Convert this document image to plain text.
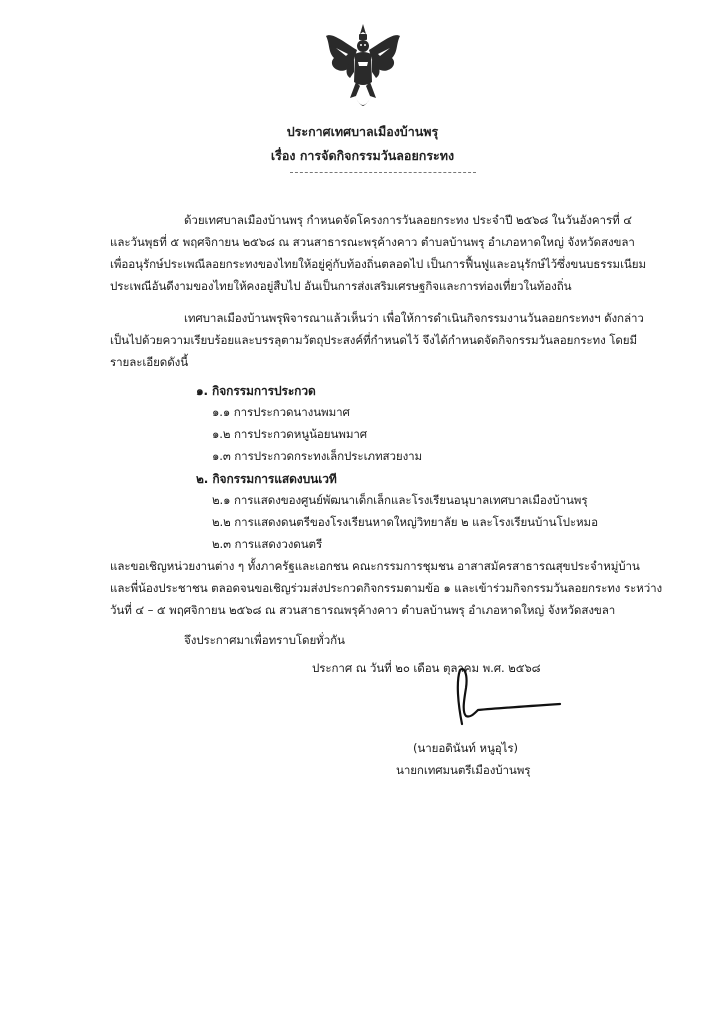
ประกาศเทศบาลเมืองบ้านพรุ
เรื่อง การจัดกิจกรรมวันลอยกระทง
ด้วยเทศบาลเมืองบ้านพรุ กำหนดจัดโครงการวันลอยกระทง ประจำปี ๒๕๖๘ ในวันอังคารที่ ๔
และวันพุธที่ ๕ พฤศจิกายน ๒๕๖๘ ณ สวนสาธารณะพรุค้างคาว ตำบลบ้านพรุ อำเภอหาดใหญ่ จังหวัดสงขลา
เพื่ออนุรักษ์ประเพณีลอยกระทงของไทยให้อยู่คู่กับท้องถิ่นตลอดไป เป็นการฟื้นฟูและอนุรักษ์ไว้ซึ่งขนบธรรมเนียม
ประเพณีอันดีงามของไทยให้คงอยู่สืบไป อันเป็นการส่งเสริมเศรษฐกิจและการท่องเที่ยวในท้องถิ่น
เทศบาลเมืองบ้านพรุพิจารณาแล้วเห็นว่า เพื่อให้การดำเนินกิจกรรมงานวันลอยกระทงฯ ดังกล่าว
เป็นไปด้วยความเรียบร้อยและบรรลุตามวัตถุประสงค์ที่กำหนดไว้ จึงได้กำหนดจัดกิจกรรมวันลอยกระทง โดยมี
รายละเอียดดังนี้
๑. กิจกรรมการประกวด
๑.๑ การประกวดนางนพมาศ
๑.๒ การประกวดหนูน้อยนพมาศ
๑.๓ การประกวดกระทงเล็กประเภทสวยงาม
๒. กิจกรรมการแสดงบนเวที
๒.๑ การแสดงของศูนย์พัฒนาเด็กเล็กและโรงเรียนอนุบาลเทศบาลเมืองบ้านพรุ
๒.๒ การแสดงดนตรีของโรงเรียนหาดใหญ่วิทยาลัย ๒ และโรงเรียนบ้านโปะหมอ
๒.๓ การแสดงวงดนตรี
และขอเชิญหน่วยงานต่าง ๆ ทั้งภาครัฐและเอกชน คณะกรรมการชุมชน อาสาสมัครสาธารณสุขประจำหมู่บ้าน
และพี่น้องประชาชน ตลอดจนขอเชิญร่วมส่งประกวดกิจกรรมตามข้อ ๑ และเข้าร่วมกิจกรรมวันลอยกระทง ระหว่าง
วันที่ ๔ – ๕ พฤศจิกายน ๒๕๖๘ ณ สวนสาธารณพรุค้างคาว ตำบลบ้านพรุ อำเภอหาดใหญ่ จังหวัดสงขลา
จึงประกาศมาเพื่อทราบโดยทั่วกัน
ประกาศ ณ วันที่ ๒๐ เดือน ตุลาคม พ.ศ. ๒๕๖๘
(นายอดินันท์ หนูอุไร)
นายกเทศมนตรีเมืองบ้านพรุ
